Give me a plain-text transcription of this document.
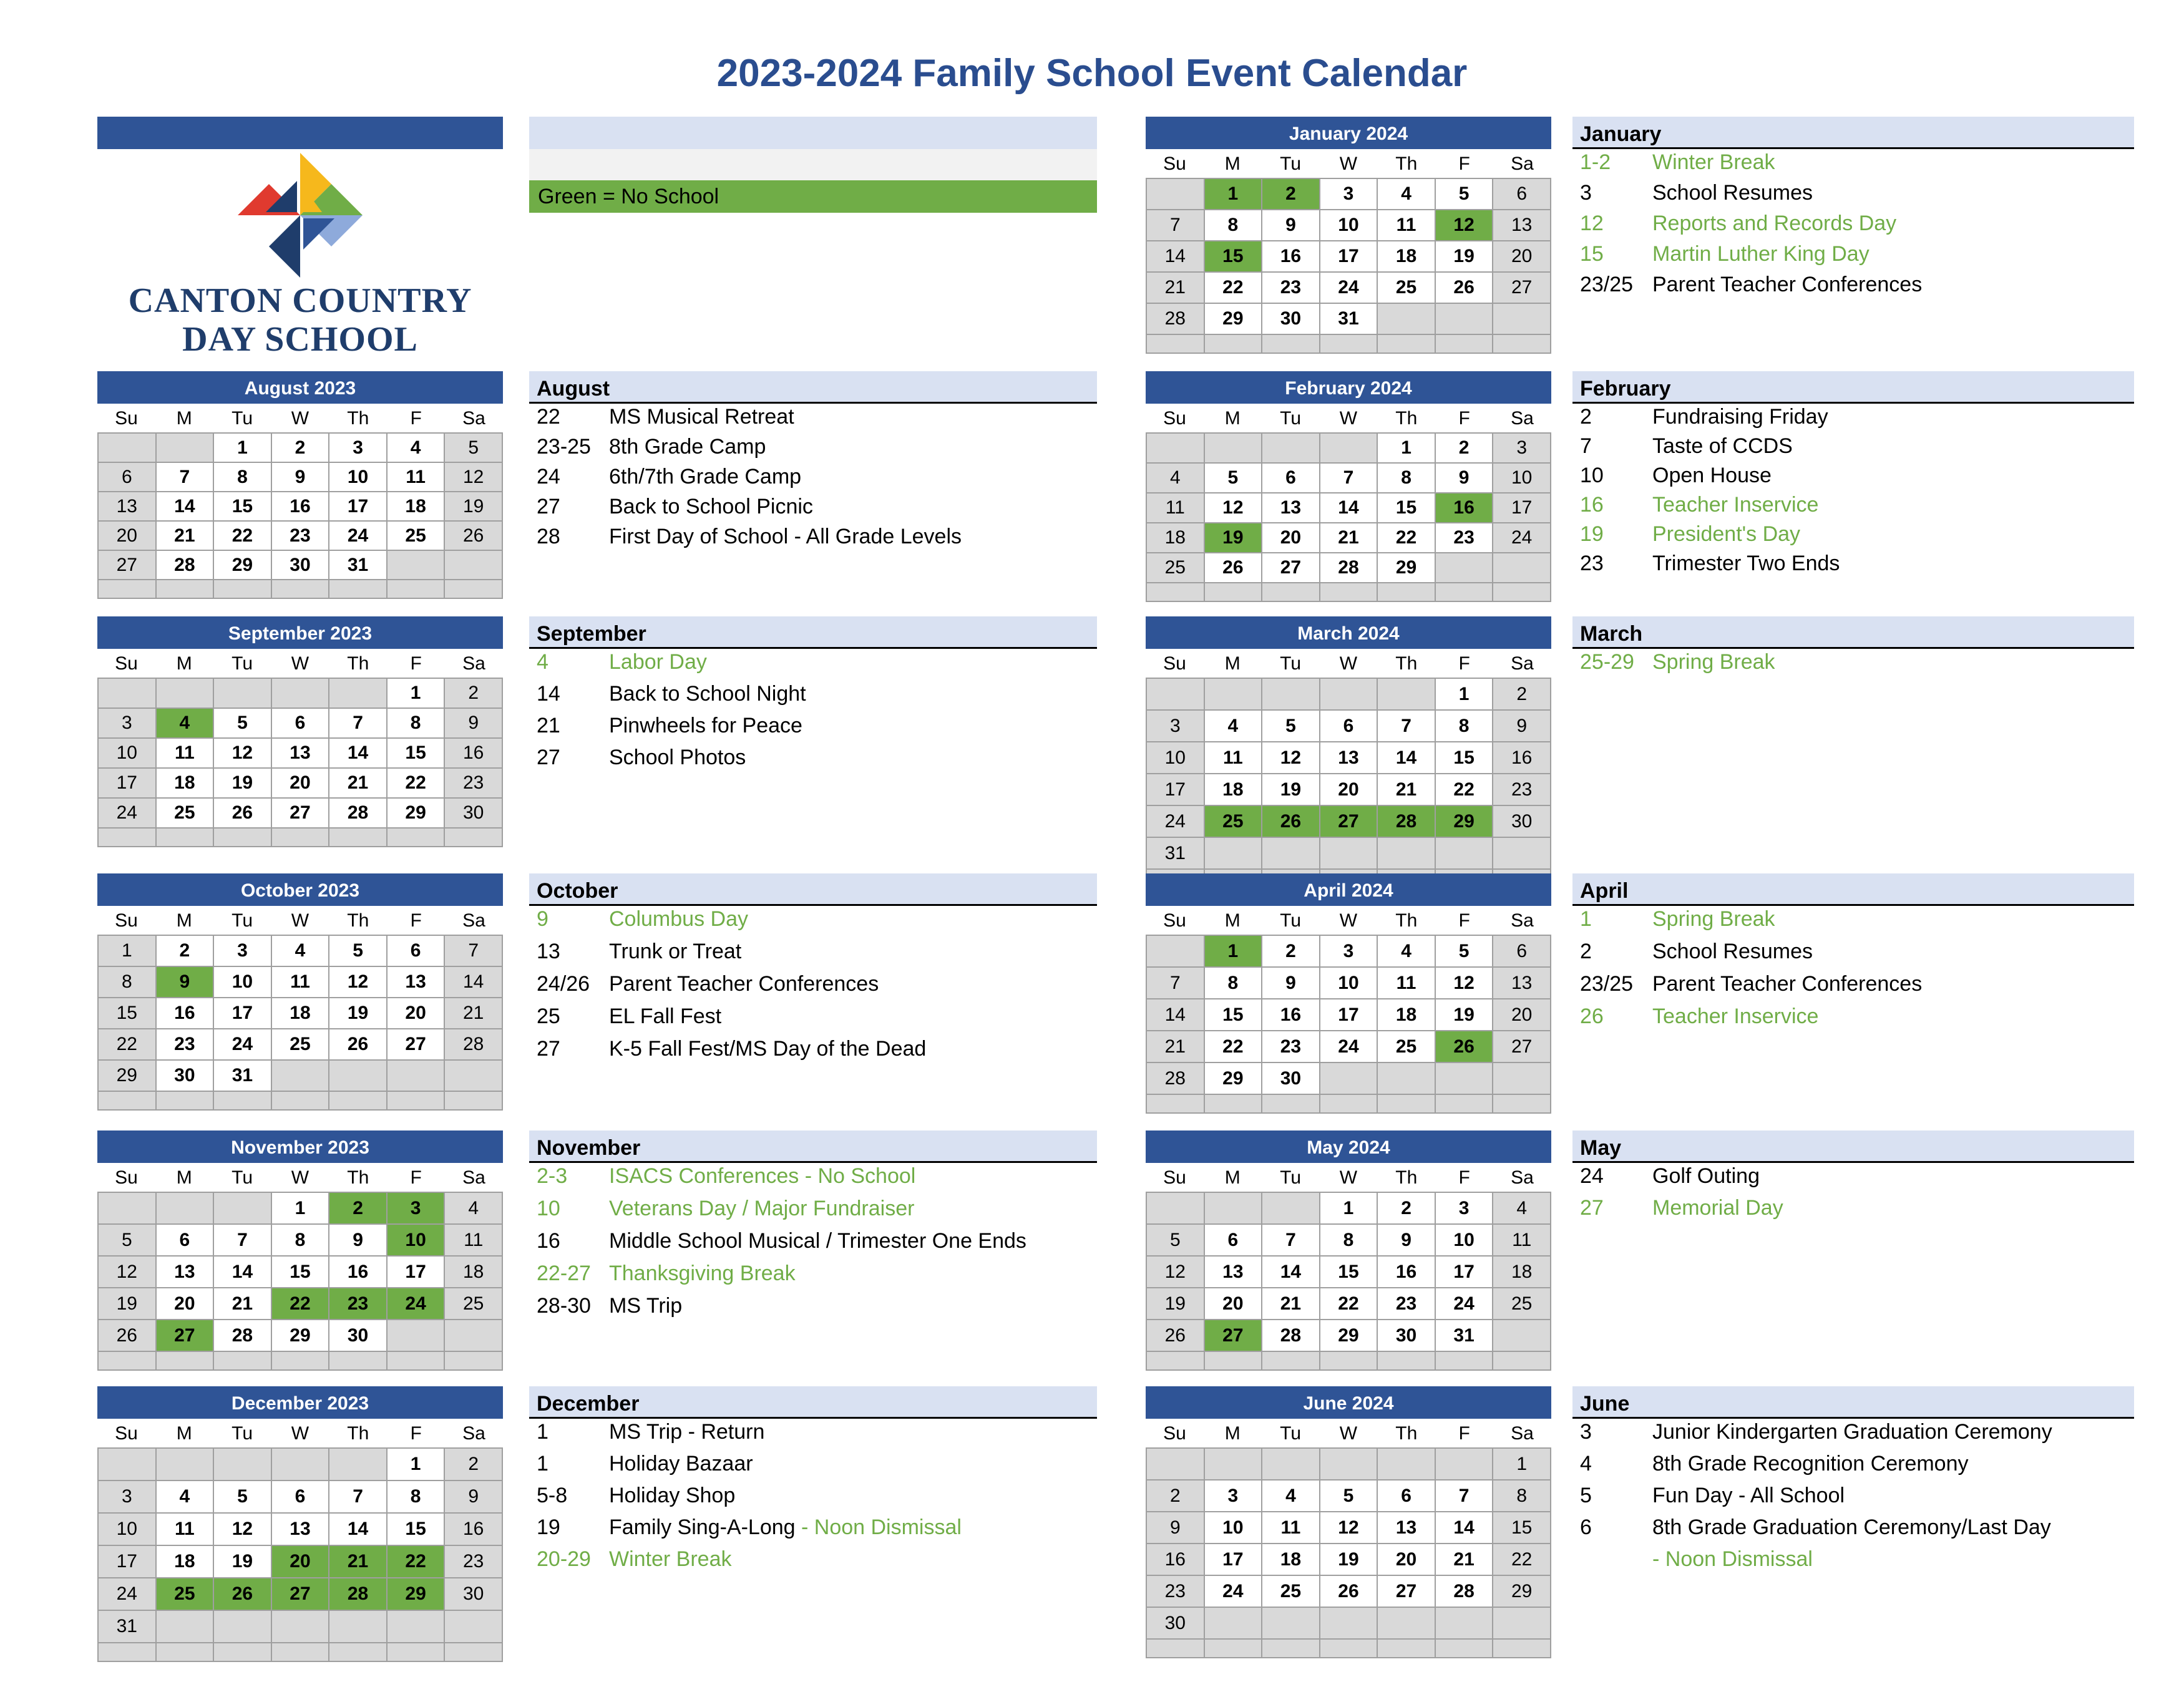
2023-2024 Family School Event Calendar
CANTON COUNTRY
DAY SCHOOL
Green = No School
August 2023
Su	M	Tu	W	Th	F	Sa
		1	2	3	4	5
6	7	8	9	10	11	12
13	14	15	16	17	18	19
20	21	22	23	24	25	26
27	28	29	30	31		

September 2023
Su	M	Tu	W	Th	F	Sa
					1	2
3	4	5	6	7	8	9
10	11	12	13	14	15	16
17	18	19	20	21	22	23
24	25	26	27	28	29	30

October 2023
Su	M	Tu	W	Th	F	Sa
1	2	3	4	5	6	7
8	9	10	11	12	13	14
15	16	17	18	19	20	21
22	23	24	25	26	27	28
29	30	31				

November 2023
Su	M	Tu	W	Th	F	Sa
			1	2	3	4
5	6	7	8	9	10	11
12	13	14	15	16	17	18
19	20	21	22	23	24	25
26	27	28	29	30		

December 2023
Su	M	Tu	W	Th	F	Sa
					1	2
3	4	5	6	7	8	9
10	11	12	13	14	15	16
17	18	19	20	21	22	23
24	25	26	27	28	29	30
31						

January 2024
Su	M	Tu	W	Th	F	Sa
	1	2	3	4	5	6
7	8	9	10	11	12	13
14	15	16	17	18	19	20
21	22	23	24	25	26	27
28	29	30	31			

February 2024
Su	M	Tu	W	Th	F	Sa
				1	2	3
4	5	6	7	8	9	10
11	12	13	14	15	16	17
18	19	20	21	22	23	24
25	26	27	28	29		

March 2024
Su	M	Tu	W	Th	F	Sa
					1	2
3	4	5	6	7	8	9
10	11	12	13	14	15	16
17	18	19	20	21	22	23
24	25	26	27	28	29	30
31						

April 2024
Su	M	Tu	W	Th	F	Sa
	1	2	3	4	5	6
7	8	9	10	11	12	13
14	15	16	17	18	19	20
21	22	23	24	25	26	27
28	29	30				

May 2024
Su	M	Tu	W	Th	F	Sa
			1	2	3	4
5	6	7	8	9	10	11
12	13	14	15	16	17	18
19	20	21	22	23	24	25
26	27	28	29	30	31	

June 2024
Su	M	Tu	W	Th	F	Sa
						1
2	3	4	5	6	7	8
9	10	11	12	13	14	15
16	17	18	19	20	21	22
23	24	25	26	27	28	29
30						

August
22 MS Musical Retreat
23-25 8th Grade Camp
24 6th/7th Grade Camp
27 Back to School Picnic
28 First Day of School - All Grade Levels
September
4	Labor Day
14 Back to School Night
21 Pinwheels for Peace
27 School Photos
October
9	Columbus Day
13 Trunk or Treat
24/26 Parent Teacher Conferences
25 EL Fall Fest
27 K-5 Fall Fest/MS Day of the Dead
November
2-3 ISACS Conferences - No School
10 Veterans Day / Major Fundraiser
16 Middle School Musical / Trimester One Ends
22-27 Thanksgiving Break
28-30 MS Trip
December
1	MS Trip - Return
1	Holiday Bazaar
5-8 Holiday Shop
19 Family Sing-A-Long - Noon Dismissal
20-29 Winter Break
January
1-2 Winter Break
3	School Resumes
12 Reports and Records Day
15 Martin Luther King Day
23/25 Parent Teacher Conferences
February
2	Fundraising Friday
7	Taste of CCDS
10 Open House
16 Teacher Inservice
19 President's Day
23 Trimester Two Ends
March
25-29 Spring Break
April
1	Spring Break
2	School Resumes
23/25 Parent Teacher Conferences
26 Teacher Inservice
May
24 Golf Outing
27 Memorial Day
June
3	Junior Kindergarten Graduation Ceremony
4	8th Grade Recognition Ceremony
5	Fun Day - All School
6	8th Grade Graduation Ceremony/Last Day
- Noon Dismissal
